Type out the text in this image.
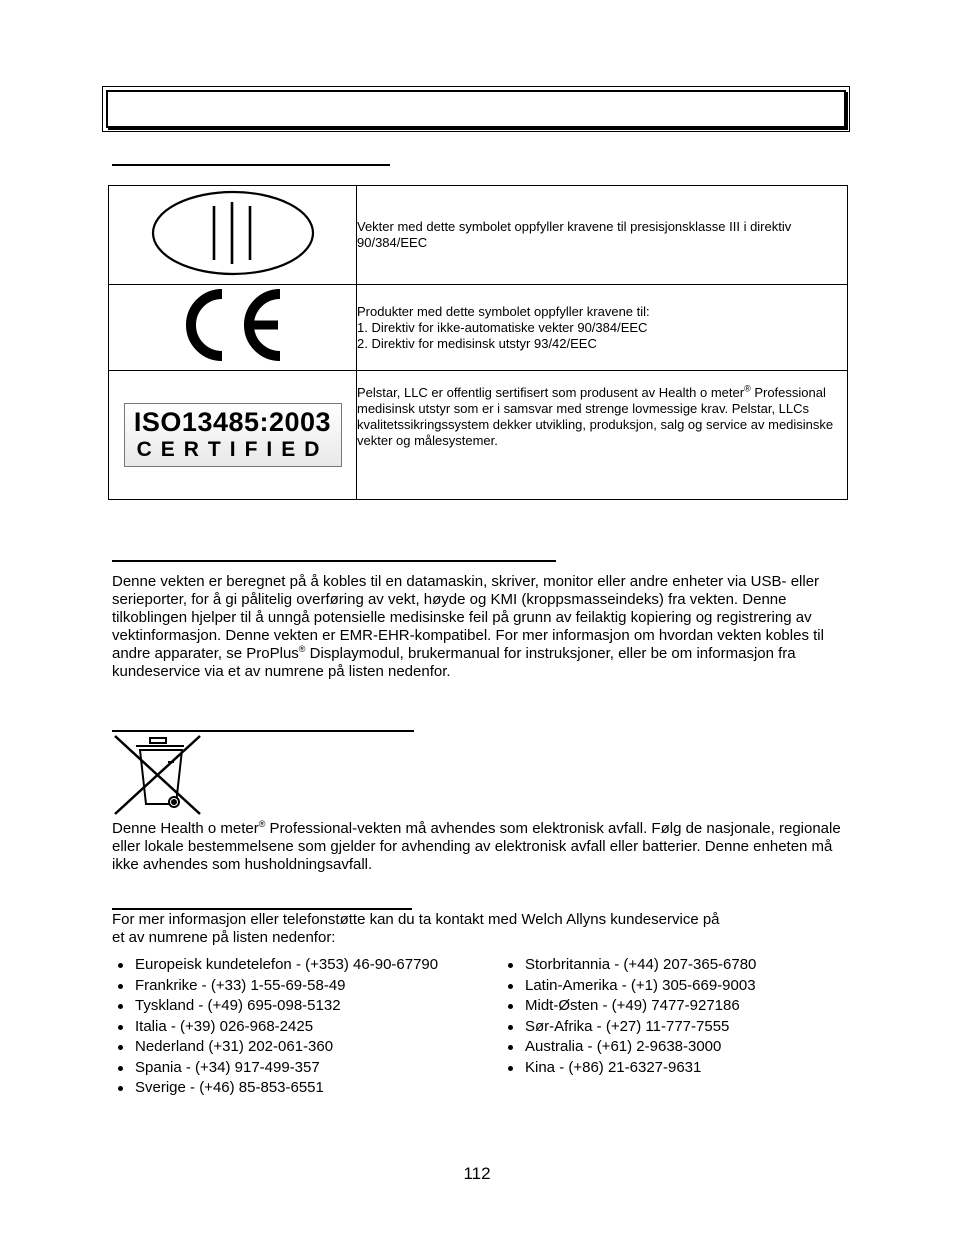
	Vekter med dette symbolet oppfyller kravene til presisjonsklasse III i direktiv 90/384/EEC

Produkter med dette symbolet oppfyller kravene til:
1. Direktiv for ikke-automatiske vekter 90/384/EEC
2. Direktiv for medisinsk utstyr 93/42/EEC

ISO13485:2003
CERTIFIED	Pelstar, LLC er offentlig sertifisert som produsent av Health o meter® Professional medisinsk utstyr som er i samsvar med strenge lovmessige krav. Pelstar, LLCs kvalitetssikringssystem dekker utvikling, produksjon, salg og service av medisinske vekter og målesystemer.
Denne vekten er beregnet på å kobles til en datamaskin, skriver, monitor eller andre enheter via USB- eller serieporter, for å gi pålitelig overføring av vekt, høyde og KMI (kroppsmasseindeks) fra vekten. Denne tilkoblingen hjelper til å unngå potensielle medisinske feil på grunn av feilaktig kopiering og registrering av vektinformasjon. Denne vekten er EMR-EHR-kompatibel. For mer informasjon om hvordan vekten kobles til andre apparater, se ProPlus® Displaymodul, brukermanual for instruksjoner, eller be om informasjon fra kundeservice via et av numrene på listen nedenfor.
Denne Health o meter® Professional-vekten må avhendes som elektronisk avfall. Følg de nasjonale, regionale eller lokale bestemmelsene som gjelder for avhending av elektronisk avfall eller batterier. Denne enheten må ikke avhendes som husholdningsavfall.
For mer informasjon eller telefonstøtte kan du ta kontakt med Welch Allyns kundeservice på
et av numrene på listen nedenfor:
Europeisk kundetelefon - (+353) 46-90-67790
Frankrike - (+33) 1-55-69-58-49
Tyskland - (+49) 695-098-5132
Italia - (+39) 026-968-2425
Nederland (+31) 202-061-360
Spania - (+34) 917-499-357
Sverige - (+46) 85-853-6551
Storbritannia - (+44) 207-365-6780
Latin-Amerika - (+1) 305-669-9003
Midt-Østen - (+49) 7477-927186
Sør-Afrika - (+27) 11-777-7555
Australia - (+61) 2-9638-3000
Kina - (+86) 21-6327-9631
112
